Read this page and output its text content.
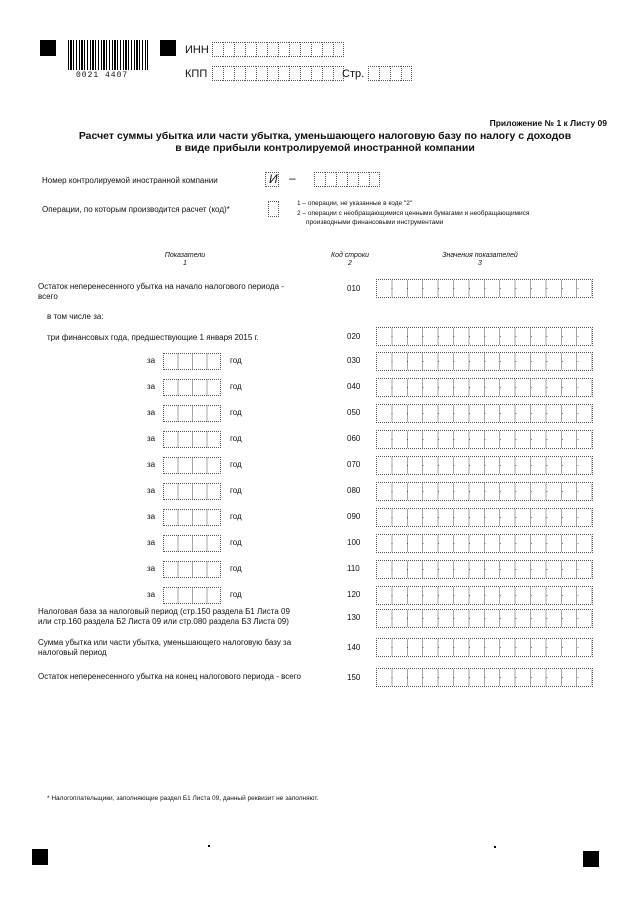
0021 4407
ИНН
КПП	Стр.
Приложение № 1 к Листу 09
Расчет суммы убытка или части убытка, уменьшающего налоговую базу по налогу с доходов
в виде прибыли контролируемой иностранной компании
Номер контролируемой иностранной компании	И –
Операции, по которым производится расчет (код)*
1 – операции, не указанные в коде "2"
2 – операции с необращающимися ценными бумагами и необращающимися
производными финансовыми инструментами
Показатели
1
Код строки
2
Значения показателей
3
Остаток неперенесенного убытка на начало налогового периода -
всего
010
в том числе за:
три финансовых года, предшествующие 1 января 2015 г.	020
за	год	030
за	год	040
за	год	050
за	год	060
за	год	070
за	год	080
за	год	090
за	год	100
за	год	110
за	год	120
Налоговая база за налоговый период (стр.150 раздела Б1 Листа 09
или стр.160 раздела Б2 Листа 09 или стр.080 раздела Б3 Листа 09)	130
Сумма убытка или части убытка, уменьшающего налоговую базу за
налоговый период
140
Остаток неперенесенного убытка на конец налогового периода - всего	150
* Налогоплательщики, заполняющие раздел Б1 Листа 09, данный реквизит не заполняют.
